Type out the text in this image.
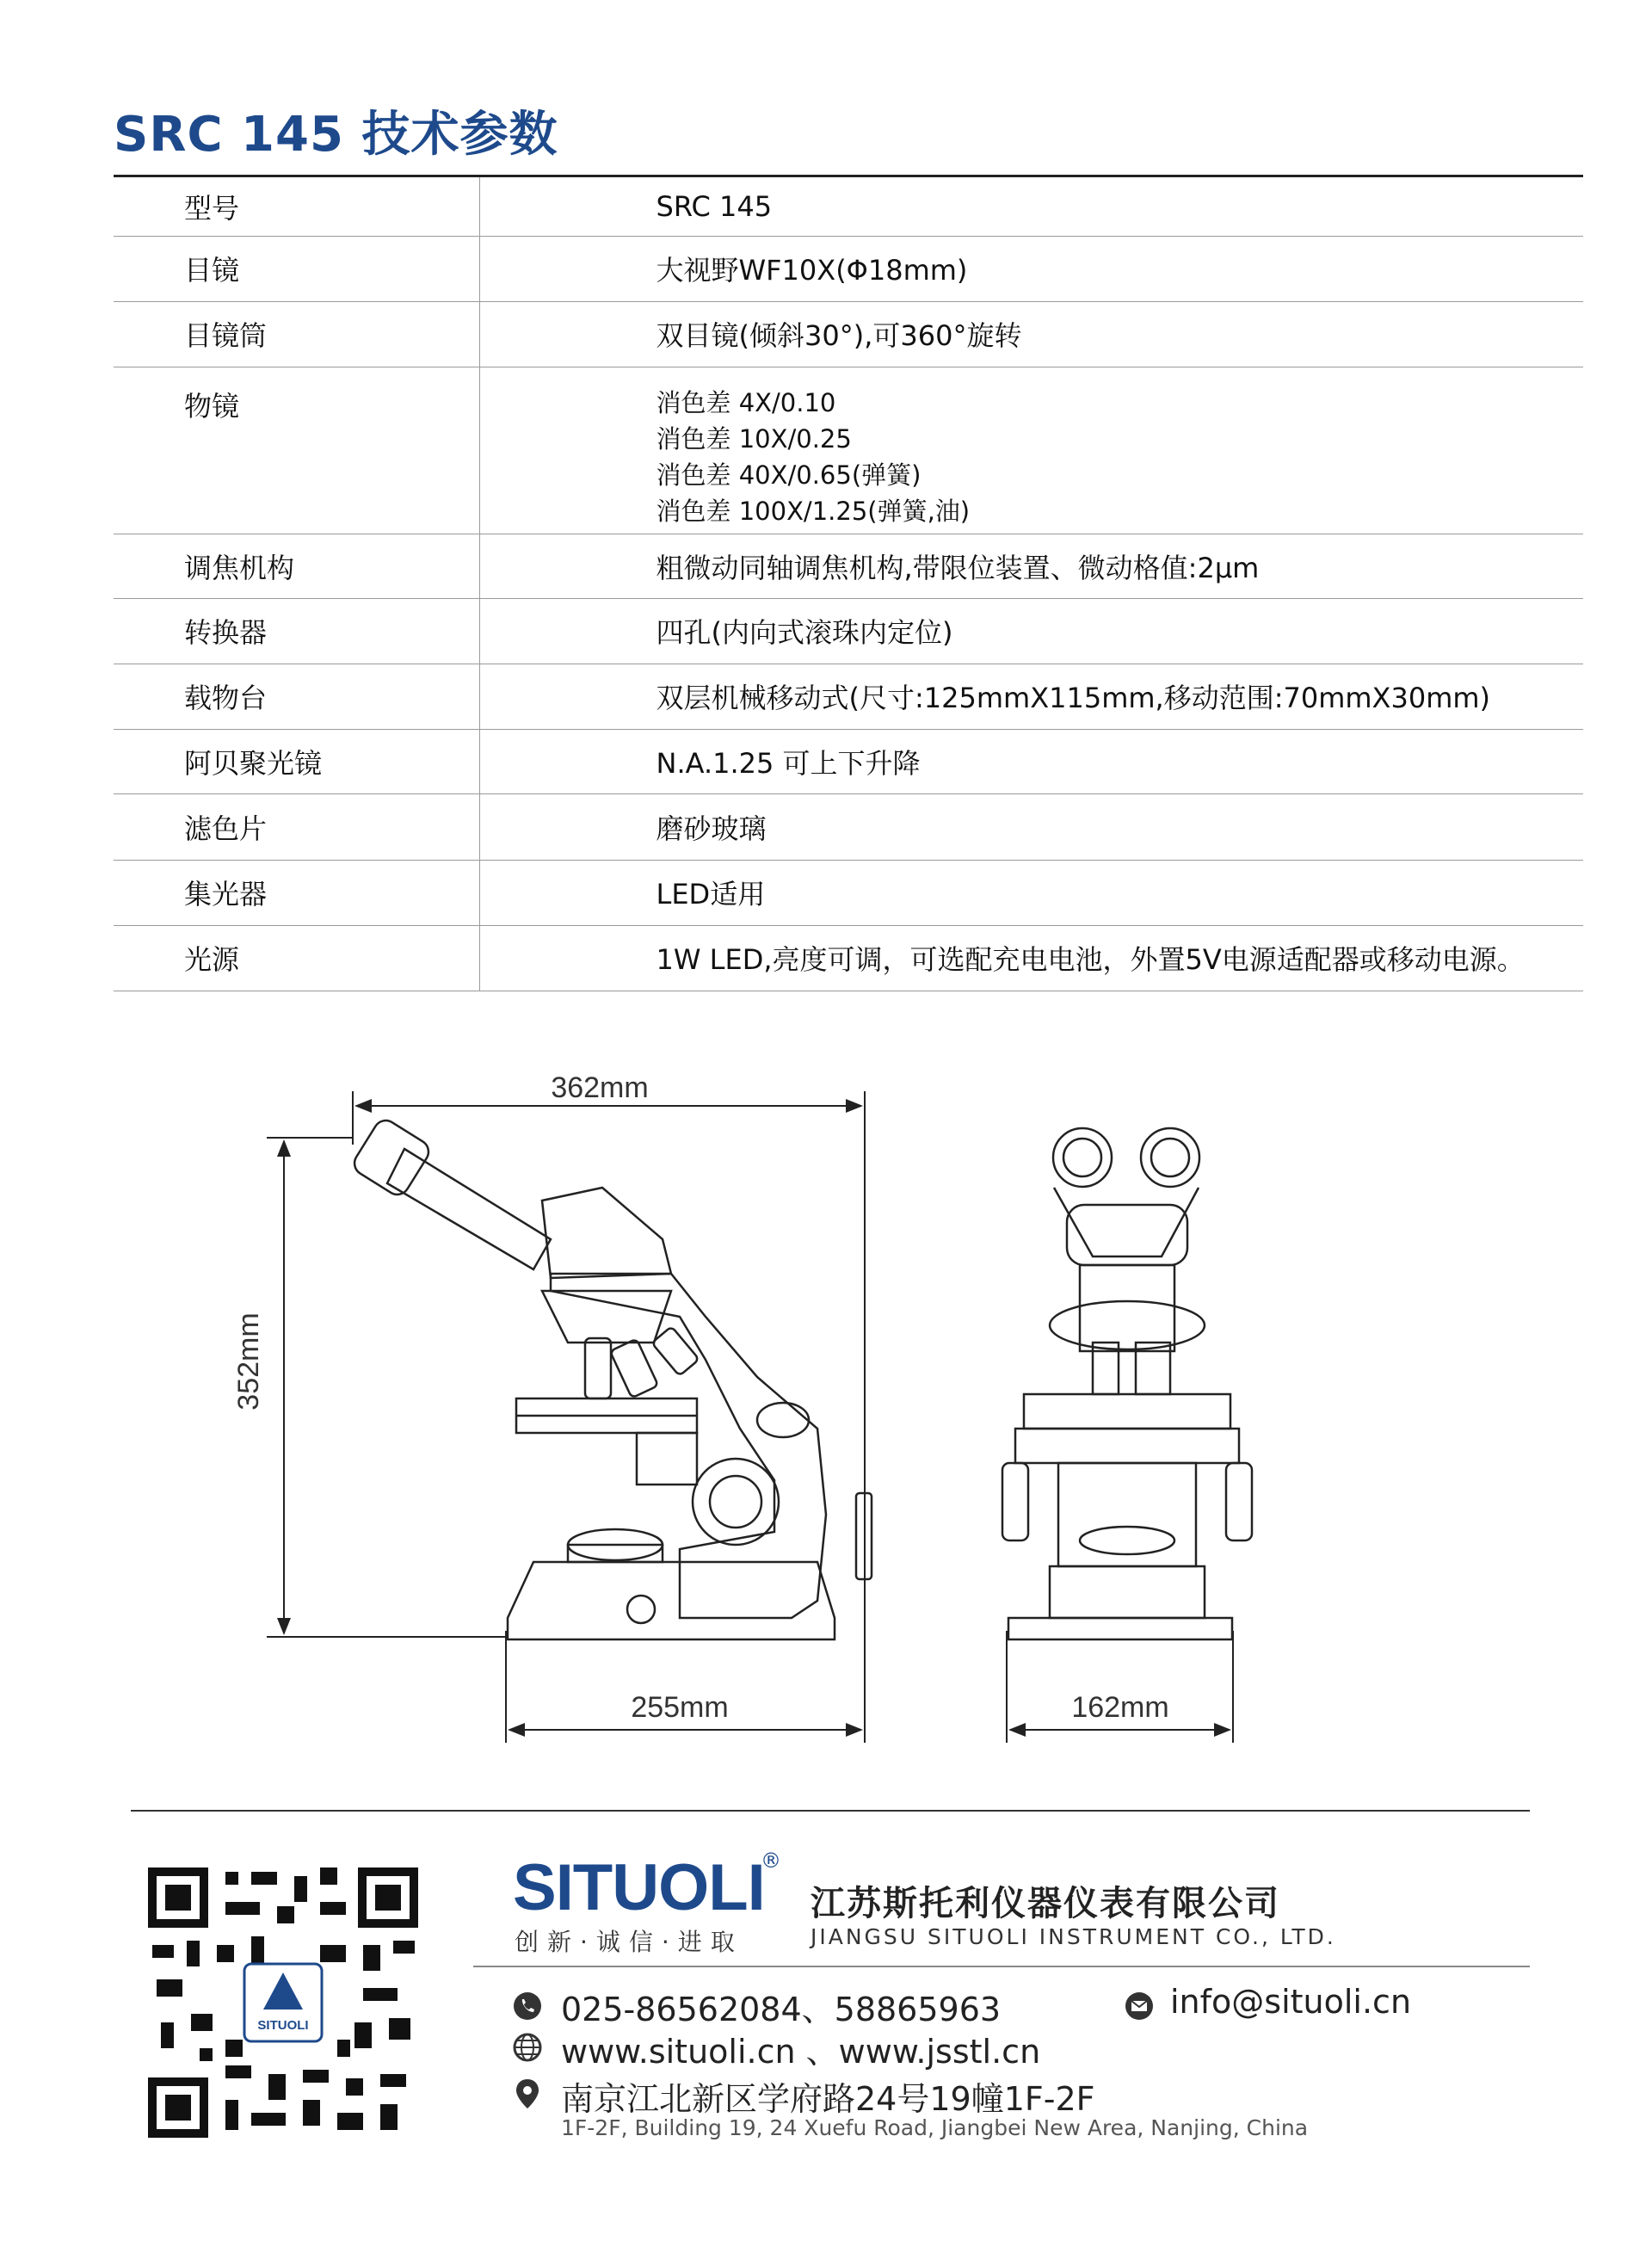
SRC 145 技术参数
型号	SRC 145
目镜	大视野WF10X(Φ18mm)
目镜筒	双目镜(倾斜30°),可360°旋转
物镜	消色差 4X/0.10
消色差 10X/0.25
消色差 40X/0.65(弹簧)
消色差 100X/1.25(弹簧,油)

调焦机构	粗微动同轴调焦机构,带限位装置、微动格值:2μm
转换器	四孔(内向式滚珠内定位)
载物台	双层机械移动式(尺寸:125mmX115mm,移动范围:70mmX30mm)
阿贝聚光镜	N.A.1.25 可上下升降
滤色片	磨砂玻璃
集光器	LED适用
光源	1W LED,亮度可调，可选配充电电池，外置5V电源适配器或移动电源。
362mm
352mm
255mm	162mm
SITUOLI
SITUOLI
®
创新·诚信·进取
江苏斯托利仪器仪表有限公司
JIANGSU SITUOLI INSTRUMENT CO., LTD.
025-86562084、58865963	info@situoli.cn
www.situoli.cn 、www.jsstl.cn
南京江北新区学府路24号19幢1F-2F
1F-2F, Building 19, 24 Xuefu Road, Jiangbei New Area, Nanjing, China
